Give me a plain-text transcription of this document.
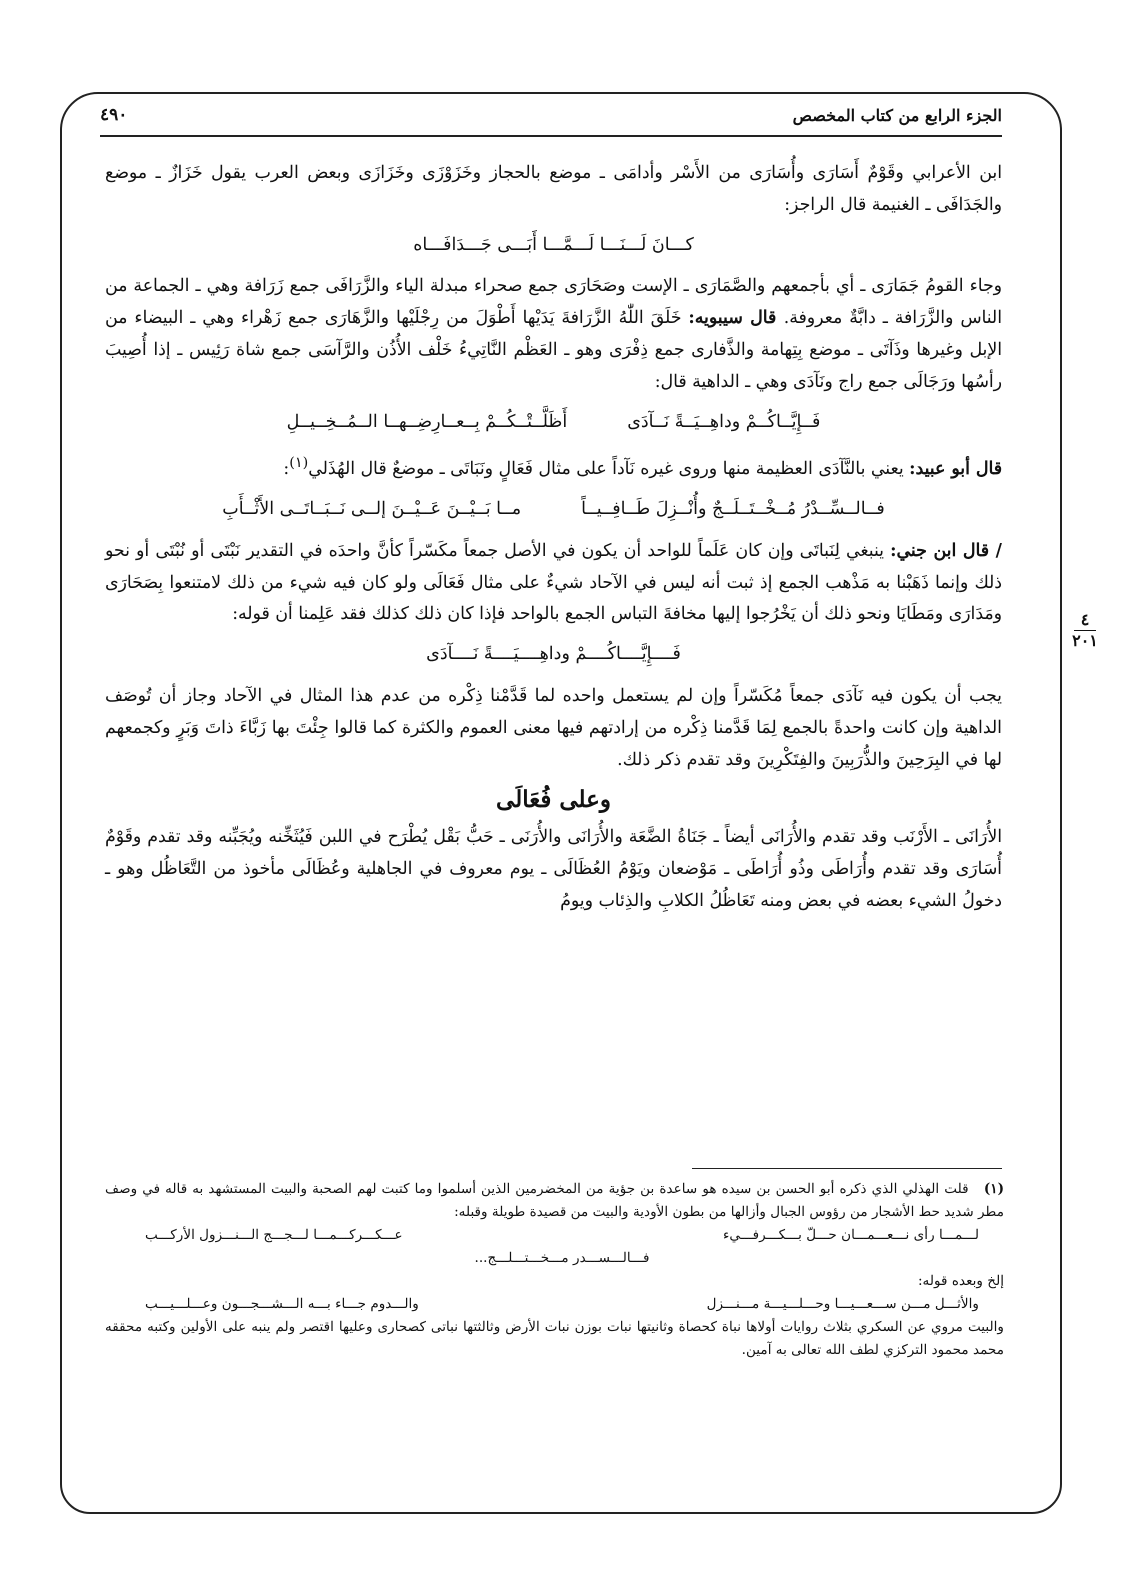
٤٩٠	الجزء الرابع من كتاب المخصص
٤
٢٠١

ابن الأعرابي وقَوْمٌ أَسَارَى وأُسَارَى من الأَسْر وأدامَى ـ موضع بالحجاز وخَزَوْزَى وخَزَازَى وبعض العرب يقول خَزَازٌ ـ موضع والجَدَافَى ـ الغنيمة قال الراجز:

كـــانَ لَـــنَـــا لَـــمَّـــا أَبَـــى جَـــدَافَـــاه

وجاء القومُ جَمَارَى ـ أي بأجمعهم والصَّمَارَى ـ الإست وصَحَارَى جمع صحراء مبدلة الياء والزَّرَافَى جمع زَرَافة وهي ـ الجماعة من الناس والزَّرَافة ـ دابَّةٌ معروفة. قال سيبويه: خَلَقَ اللّٰهُ الزَّرَافةَ يَدَيْها أَطْوَلَ من رِجْلَيْها والزَّهَارَى جمع زَهْراء وهي ـ البيضاء من الإبل وغيرها وذَآتَى ـ موضع بِتِهامة والذَّفارى جمع ذِفْرَى وهو ـ العَظْم النَّاتِيءُ خَلْف الأُذُن والرَّآسَى جمع شاة رَئِيس ـ إذا أُصِيبَ رأسُها ورَجَالَى جمع راج ونَآدَى وهي ـ الداهية قال:

فَــإِيَّــاكُــمْ وداهِــيَــةً نَــآدَى
أَظَلَّــتْــكُــمْ بِــعــارِضِــهــا الــمُــخِــيــلِ

قال أبو عبيد: يعني بالنَّآدَى العظيمة منها وروى غيره نَآداً على مثال فَعَالٍ ونَبَاتَى ـ موضعٌ قال الهُذَلي$^{(١)}$:

فــالــسِّــدْرُ مُــخْــتَــلَــجٌ وأُنْــزِلَ طَــافِــيــاً
مــا بَــيْــنَ عَــيْــنَ إلــى نَــبَــاتَــى الأَثْــأَبِ

/ قال ابن جني: ينبغي لِنَباتَى وإن كان عَلَماً للواحد أن يكون في الأصل جمعاً مكَسّراً كأنَّ واحدَه في التقدير نَبْتَى أو نُبْتَى أو نحو ذلك وإنما ذَهَبْنا به مَذْهب الجمع إذ ثبت أنه ليس في الآحاد شيءٌ على مثال فَعَالَى ولو كان فيه شيء من ذلك لامتنعوا بِصَحَارَى ومَدَارَى ومَطَايَا ونحو ذلك أن يَخْرُجوا إليها مخافةَ التباس الجمع بالواحد فإذا كان ذلك كذلك فقد عَلِمنا أن قوله:

فَــــإِيَّــــاكُــــمْ وداهِــــيَــــةً نَــــآدَى

يجب أن يكون فيه نَآدَى جمعاً مُكَسّراً وإن لم يستعمل واحده لما قَدَّمْنا ذِكْره من عدم هذا المثال في الآحاد وجاز أن تُوصَف الداهية وإن كانت واحدةً بالجمع لِمَا قَدَّمنا ذِكْره من إرادتهم فيها معنى العموم والكثرة كما قالوا جِئْتَ بها زَبَّاءَ ذاتَ وَبَرٍ وكجمعهم لها في البِرَحِينَ والذُّرَبِينَ والفِتَكْرِينَ وقد تقدم ذكر ذلك.

وعلى فُعَالَى

الأُرَانَى ـ الأَرْنَب وقد تقدم والأُرَانَى أيضاً ـ جَنَاةُ الضَّعَة والأُرَانَى والأُرَنَى ـ حَبُّ بَقْل يُطْرَح في اللبن فَيُثَخِّنه ويُجَبِّنه وقد تقدم وقَوْمٌ أُسَارَى وقد تقدم وأُرَاطَى وذُو أُرَاطَى ـ مَوْضعان ويَوْمُ العُظَالَى ـ يوم معروف في الجاهلية وعُظَالَى مأخوذ من التَّعَاظُل وهو ـ دخولُ الشيء بعضه في بعض ومنه تَعَاظُلُ الكلابِ والذِئاب ويومُ

(١)   قلت الهذلي الذي ذكره أبو الحسن بن سيده هو ساعدة بن جؤية من المخضرمين الذين أسلموا وما كتبت لهم الصحبة والبيت المستشهد به قاله في وصف مطر شديد حط الأشجار من رؤوس الجبال وأزالها من بطون الأودية والبيت من قصيدة طويلة وقبله:
لـــمـــا رأى نـــعـــمـــان حـــلّ بـــكـــرفـــيء
عـــكـــركـــمـــا لـــجـــج الـــنـــزول الأركـــب
فـــالـــســـدر مـــخـــتـــلـــج...
إلخ وبعده قوله:
والأثـــل مـــن ســـعـــيـــا وحـــلـــيـــة مـــنـــزل
والـــدوم جـــاء بـــه الـــشـــجـــون وعـــلـــيـــب
والبيت مروي عن السكري بثلاث روايات أولاها نباة كحصاة وثانيتها نبات بوزن نبات الأرض وثالثتها نباتى كصحارى وعليها اقتصر ولم ينبه على الأولين وكتبه محققه محمد محمود التركزي لطف الله تعالى به آمين.
